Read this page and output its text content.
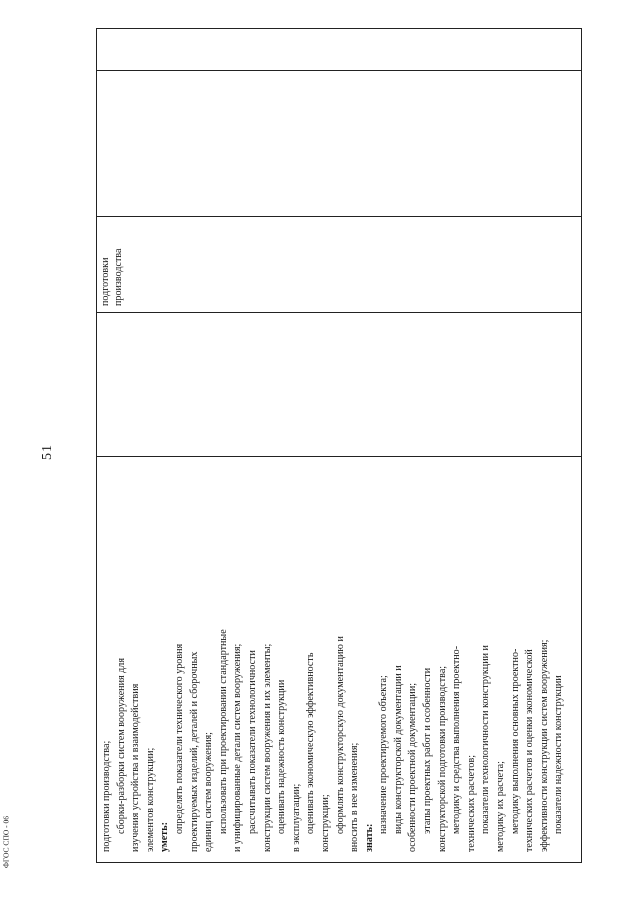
51
подготовки производства; сборки-разборки систем вооружения для изучения устройства и взаимодействия элементов конструкции; уметь:
определять показатели технического уровня проектируемых изделий, деталей и сборочных единиц систем вооружения; использовать при проектировании стандартные и унифицированные детали систем вооружения; рассчитывать показатели технологичности конструкции систем вооружения и их элементы; оценивать надежность конструкции в эксплуатации; оценивать экономическую эффективность конструкции; оформлять конструкторскую документацию и вносить в нее изменения; знать:
назначение проектируемого объекта; виды конструкторской документации и особенности проектной документации; этапы проектных работ и особенности конструкторской подготовки производства; методику и средства выполнения проектно- технических расчетов; показатели технологичности конструкции и методику их расчета; методику выполнения основных проектно- технических расчетов и оценки экономической эффективности конструкции систем вооружения; показатели надежности конструкции
подготовки производства
ФГОС СПО - 06
